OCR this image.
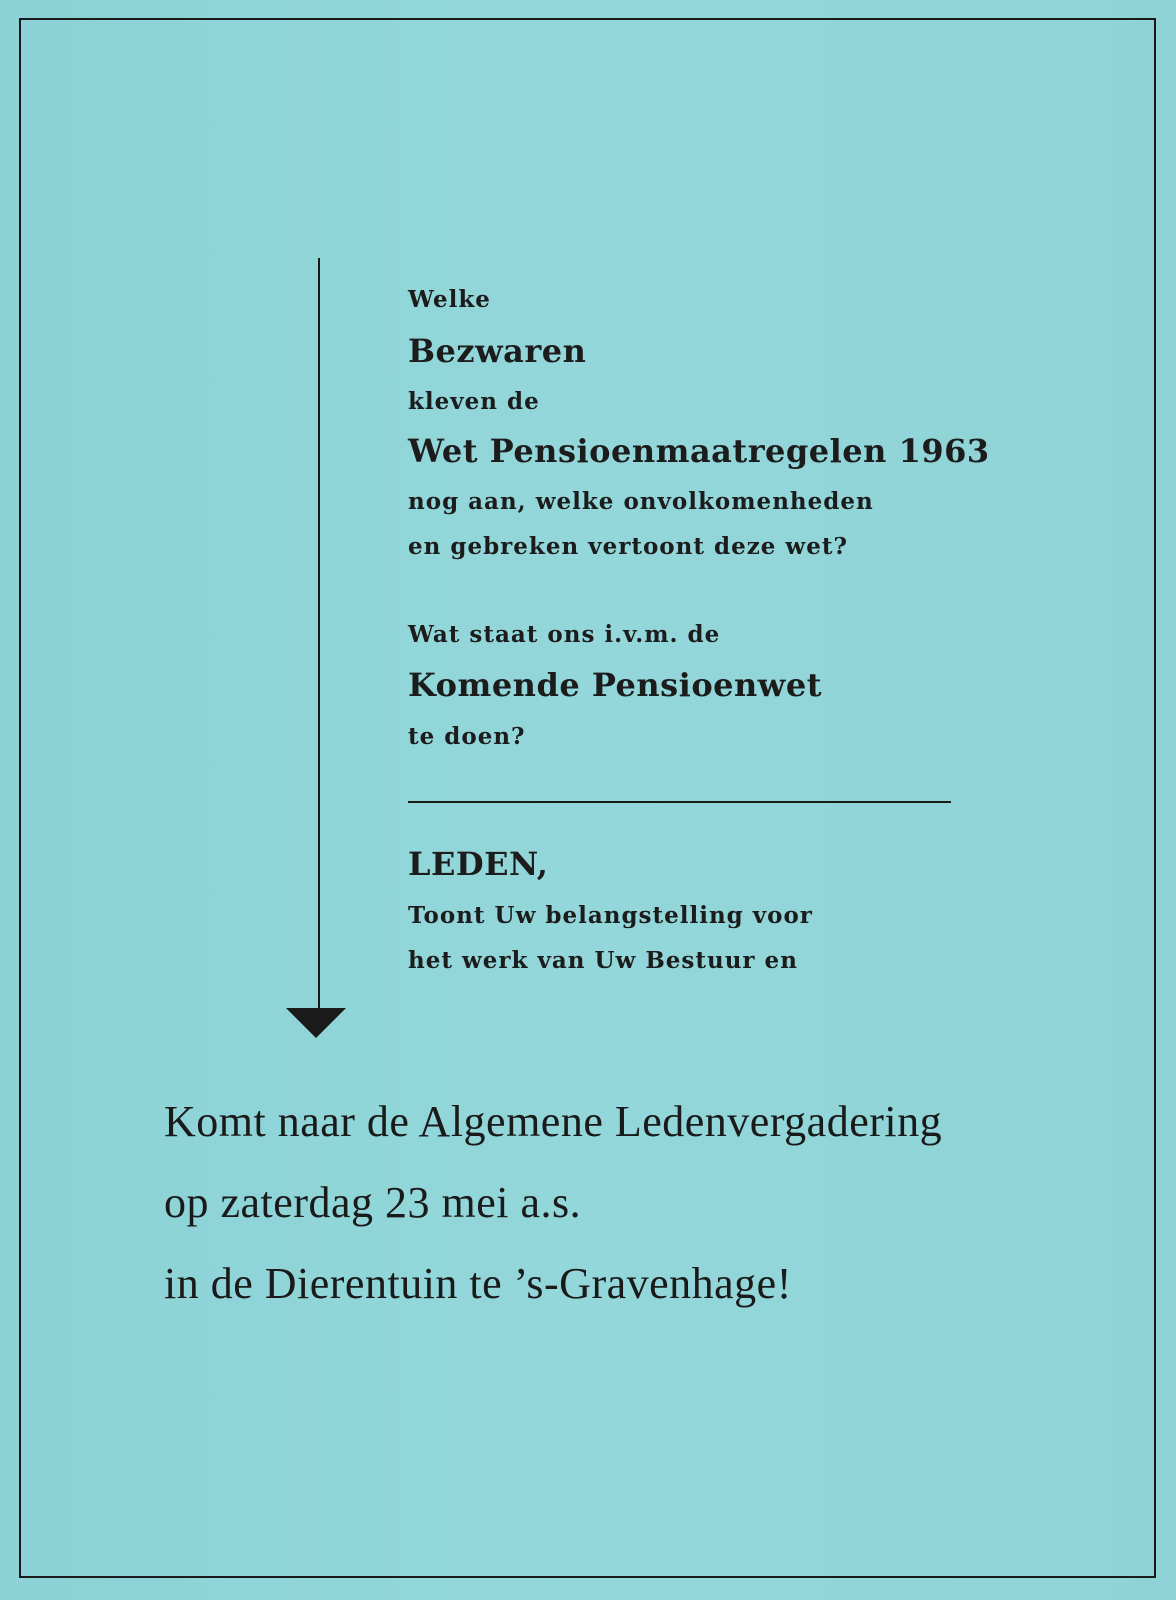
Welke
Bezwaren
kleven de
Wet Pensioenmaatregelen 1963
nog aan, welke onvolkomenheden
en gebreken vertoont deze wet?
Wat staat ons i.v.m. de
Komende Pensioenwet
te doen?
LEDEN,
Toont Uw belangstelling voor
het werk van Uw Bestuur en
Komt naar de Algemene Ledenvergadering
op zaterdag 23 mei a.s.
in de Dierentuin te ’s-Gravenhage!
